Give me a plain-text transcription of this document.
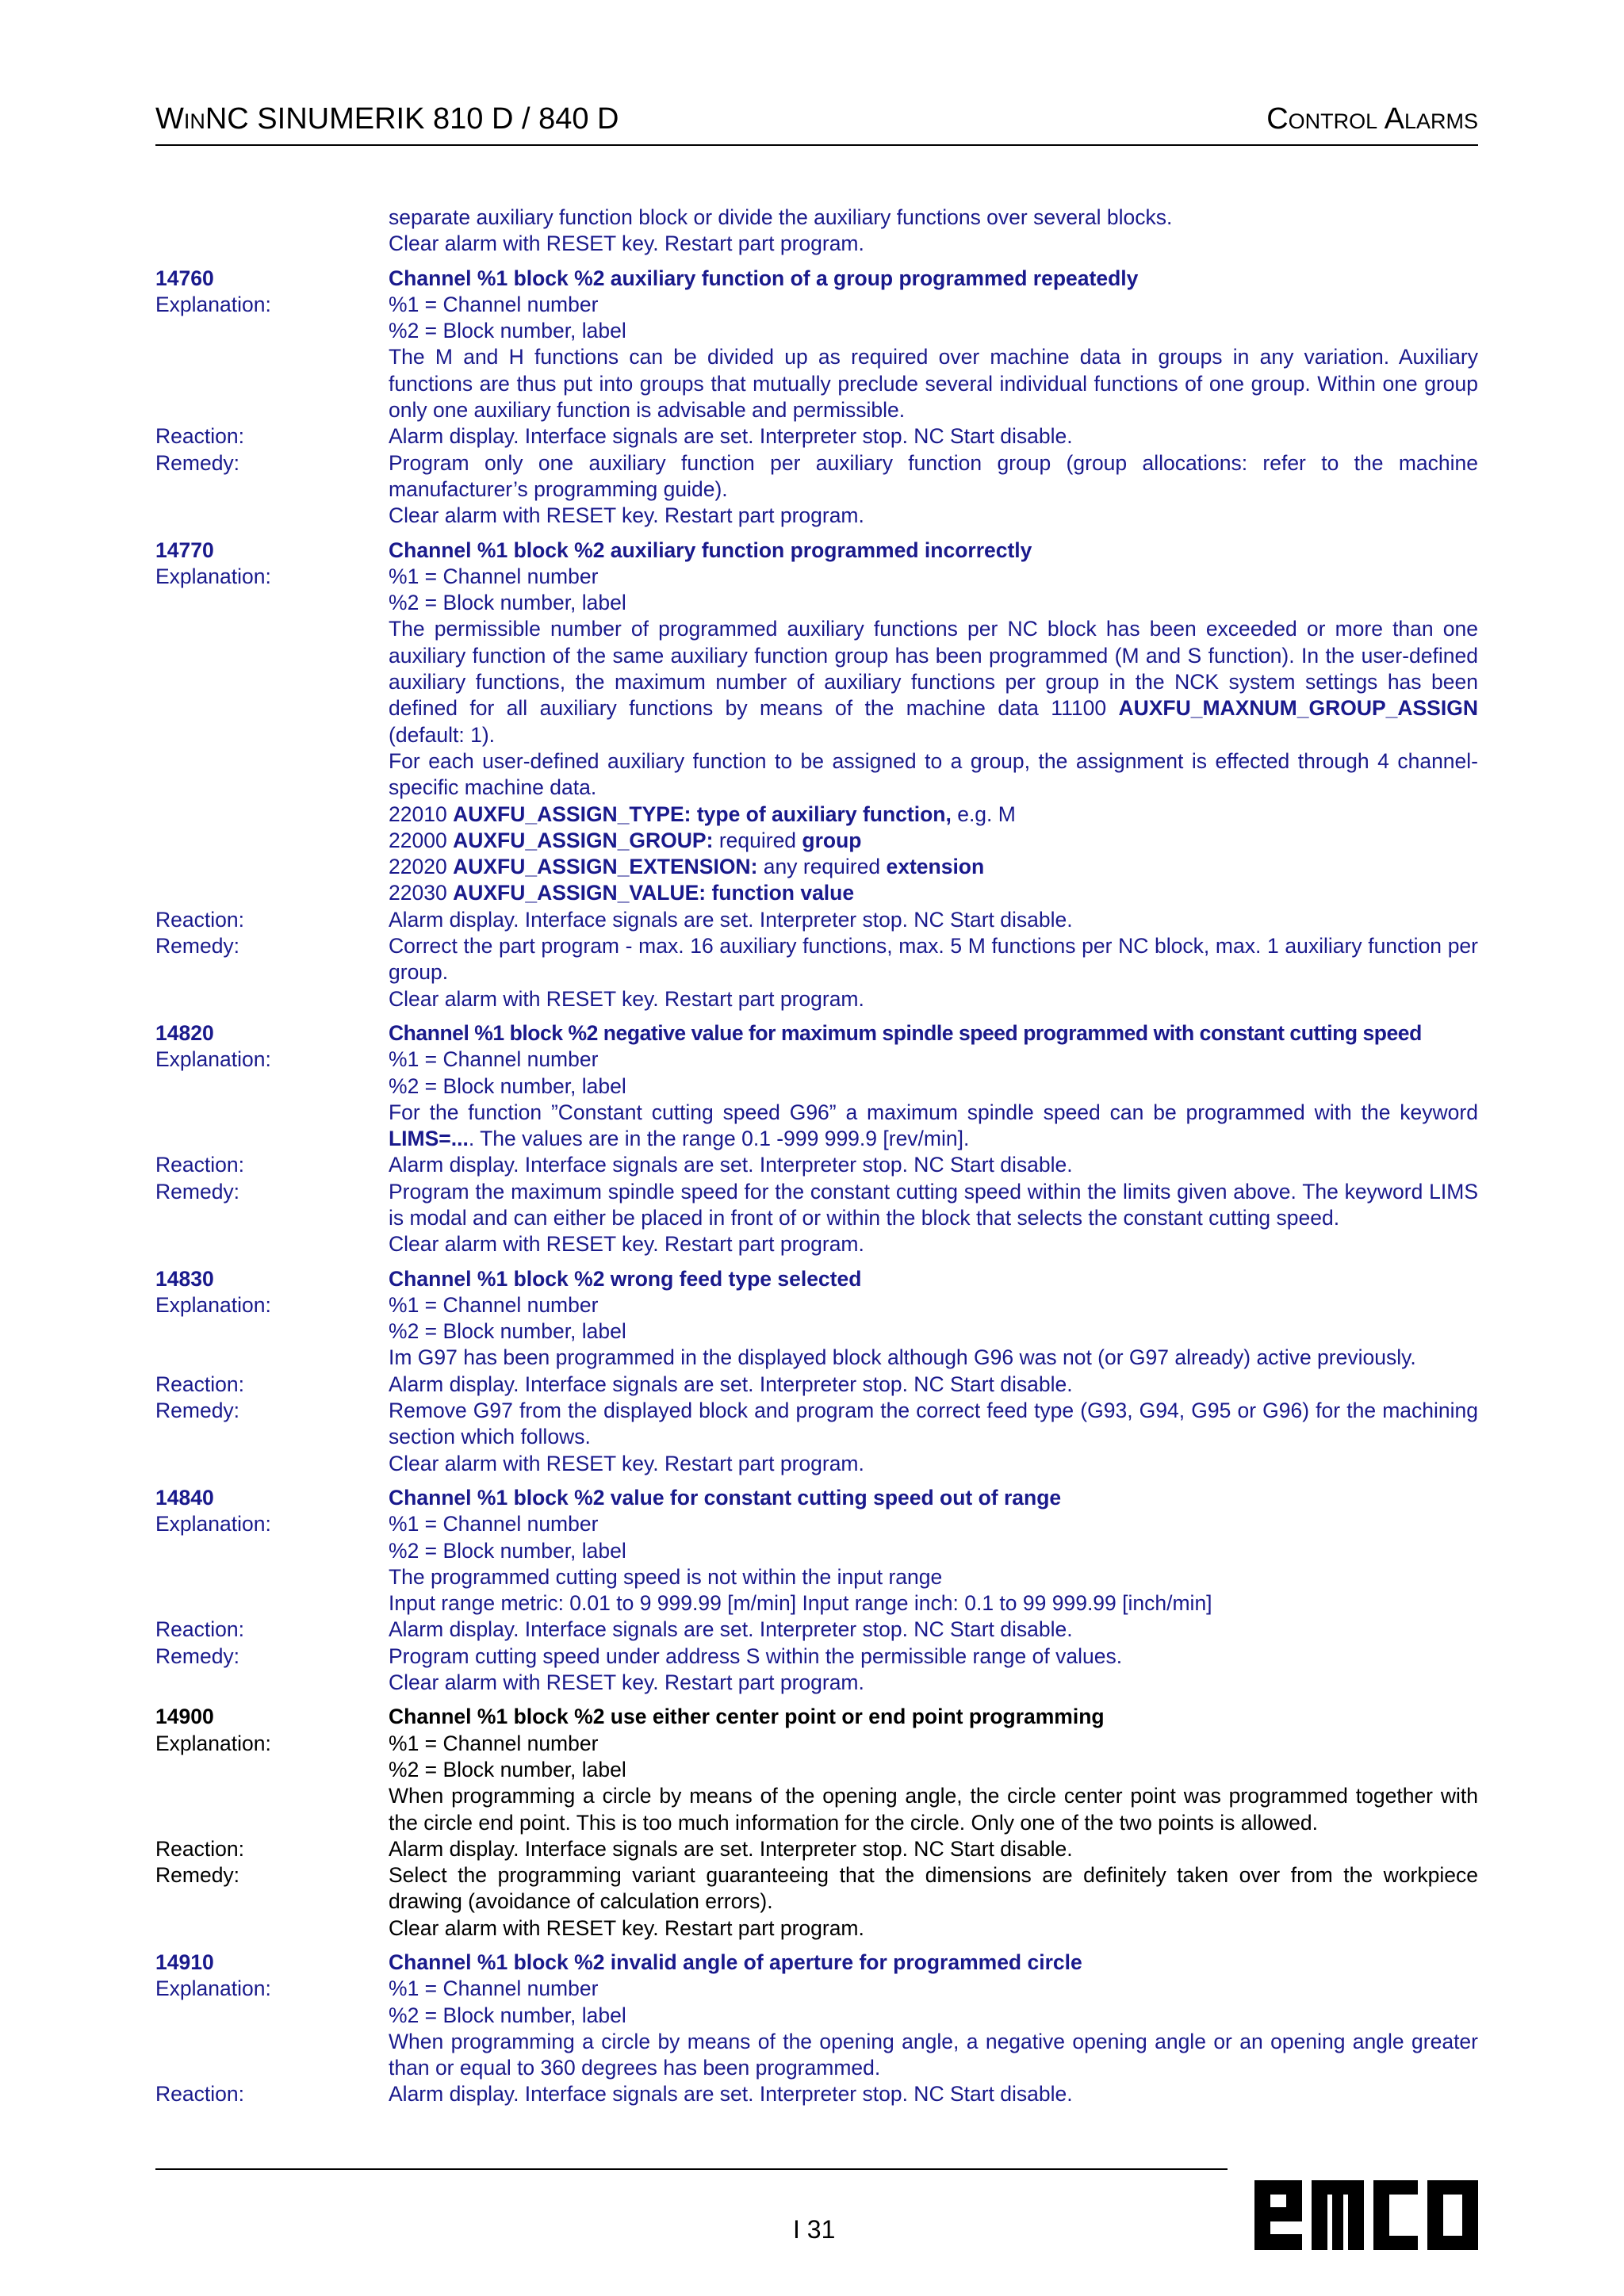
WinNC SINUMERIK 810 D / 840 D	Control Alarms
separate auxiliary function block or divide the auxiliary functions over several blocks.
Clear alarm with RESET key. Restart part program.
14760	Channel %1 block %2 auxiliary function of a group programmed repeatedly
Explanation:	%1 = Channel number
%2 = Block number, label
The M and H functions can be divided up as required over machine data in groups in any variation. Auxiliary functions are thus put into groups that mutually preclude several individual functions of one group. Within one group only one auxiliary function is advisable and permissible.
Reaction:	Alarm display. Interface signals are set. Interpreter stop. NC Start disable.
Remedy:	Program only one auxiliary function per auxiliary function group (group allocations: refer to the machine manufacturer’s programming guide).
Clear alarm with RESET key. Restart part program.
14770	Channel %1 block %2 auxiliary function programmed incorrectly
Explanation:	%1 = Channel number
%2 = Block number, label
The permissible number of programmed auxiliary functions per NC block has been exceeded or more than one auxiliary function of the same auxiliary function group has been programmed (M and S function). In the user-defined auxiliary functions, the maximum number of auxiliary functions per group in the NCK system settings has been defined for all auxiliary functions by means of the machine data 11100 AUXFU_MAXNUM_GROUP_ASSIGN (default: 1).
For each user-defined auxiliary function to be assigned to a group, the assignment is effected through 4 channel-specific machine data.
22010 AUXFU_ASSIGN_TYPE: type of auxiliary function, e.g. M
22000 AUXFU_ASSIGN_GROUP: required group
22020 AUXFU_ASSIGN_EXTENSION: any required extension
22030 AUXFU_ASSIGN_VALUE: function value
Reaction:	Alarm display. Interface signals are set. Interpreter stop. NC Start disable.
Remedy:	Correct the part program - max. 16 auxiliary functions, max. 5 M functions per NC block, max. 1 auxiliary function per group.
Clear alarm with RESET key. Restart part program.
14820	Channel %1 block %2 negative value for maximum spindle speed programmed with constant cutting speed
Explanation:	%1 = Channel number
%2 = Block number, label
For the function ”Constant cutting speed G96” a maximum spindle speed can be programmed with the keyword LIMS=.... The values are in the range 0.1 -999 999.9 [rev/min].
Reaction:	Alarm display. Interface signals are set. Interpreter stop. NC Start disable.
Remedy:	Program the maximum spindle speed for the constant cutting speed within the limits given above. The keyword LIMS is modal and can either be placed in front of or within the block that selects the constant cutting speed.
Clear alarm with RESET key. Restart part program.
14830	Channel %1 block %2 wrong feed type selected
Explanation:	%1 = Channel number
%2 = Block number, label
Im G97 has been programmed in the displayed block although G96 was not (or G97 already) active previously.
Reaction:	Alarm display. Interface signals are set. Interpreter stop. NC Start disable.
Remedy:	Remove G97 from the displayed block and program the correct feed type (G93, G94, G95 or G96) for the machining section which follows.
Clear alarm with RESET key. Restart part program.
14840	Channel %1 block %2 value for constant cutting speed out of range
Explanation:	%1 = Channel number
%2 = Block number, label
The programmed cutting speed is not within the input range
Input range metric: 0.01 to 9 999.99 [m/min] Input range inch: 0.1 to 99 999.99 [inch/min]
Reaction:	Alarm display. Interface signals are set. Interpreter stop. NC Start disable.
Remedy:	Program cutting speed under address S within the permissible range of values.
Clear alarm with RESET key. Restart part program.
14900	Channel %1 block %2 use either center point or end point programming
Explanation:	%1 = Channel number
%2 = Block number, label
When programming a circle by means of the opening angle, the circle center point was programmed together with the circle end point. This is too much information for the circle. Only one of the two points is allowed.
Reaction:	Alarm display. Interface signals are set. Interpreter stop. NC Start disable.
Remedy:	Select the programming variant guaranteeing that the dimensions are definitely taken over from the workpiece drawing (avoidance of calculation errors).
Clear alarm with RESET key. Restart part program.
14910	Channel %1 block %2 invalid angle of aperture for programmed circle
Explanation:	%1 = Channel number
%2 = Block number, label
When programming a circle by means of the opening angle, a negative opening angle or an opening angle greater than or equal to 360 degrees has been programmed.
Reaction:	Alarm display. Interface signals are set. Interpreter stop. NC Start disable.
I 31
